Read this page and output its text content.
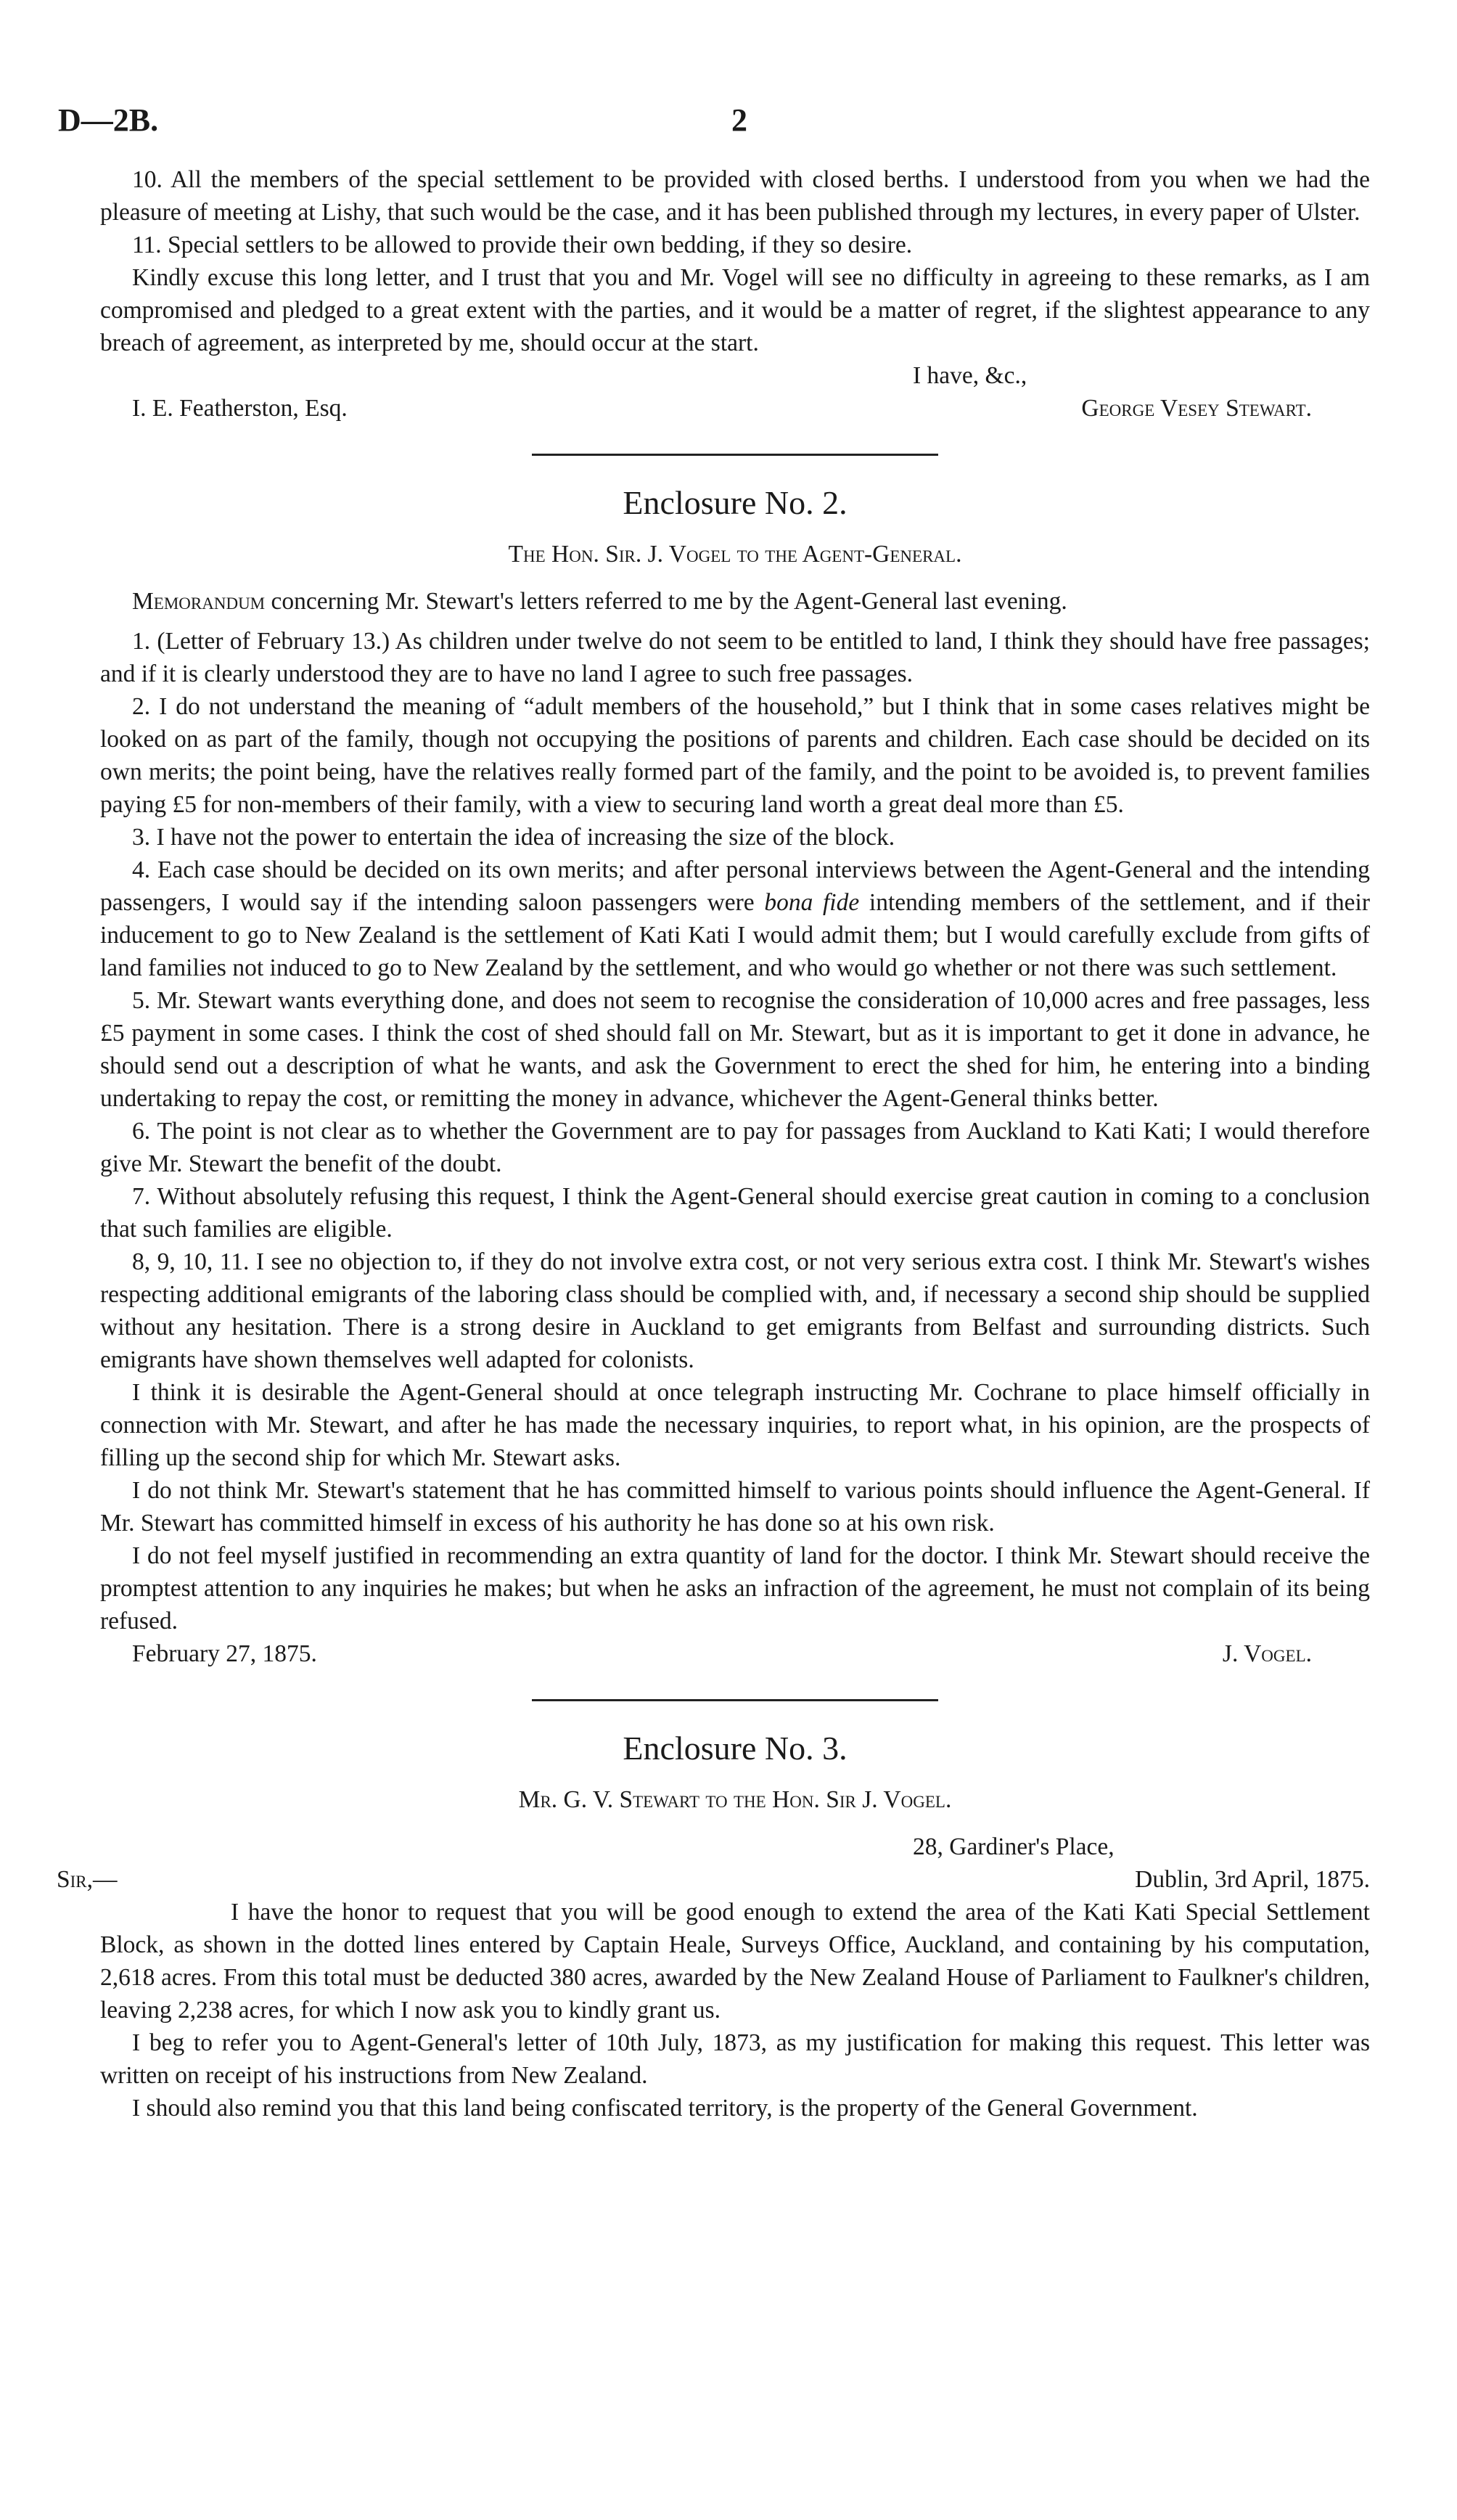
D—2B.	2

10. All the members of the special settlement to be provided with closed berths. I understood from you when we had the pleasure of meeting at Lishy, that such would be the case, and it has been published through my lectures, in every paper of Ulster.

11. Special settlers to be allowed to provide their own bedding, if they so desire.

Kindly excuse this long letter, and I trust that you and Mr. Vogel will see no difficulty in agreeing to these remarks, as I am compromised and pledged to a great extent with the parties, and it would be a matter of regret, if the slightest appearance to any breach of agreement, as interpreted by me, should occur at the start.

I have, &c.,
I. E. Featherston, Esq.	George Vesey Stewart.

Enclosure No. 2.

The Hon. Sir. J. Vogel to the Agent-General.

Memorandum concerning Mr. Stewart's letters referred to me by the Agent-General last evening.

1. (Letter of February 13.) As children under twelve do not seem to be entitled to land, I think they should have free passages; and if it is clearly understood they are to have no land I agree to such free passages.

2. I do not understand the meaning of “adult members of the household,” but I think that in some cases relatives might be looked on as part of the family, though not occupying the positions of parents and children. Each case should be decided on its own merits; the point being, have the relatives really formed part of the family, and the point to be avoided is, to prevent families paying £5 for non-members of their family, with a view to securing land worth a great deal more than £5.

3. I have not the power to entertain the idea of increasing the size of the block.

4. Each case should be decided on its own merits; and after personal interviews between the Agent-General and the intending passengers, I would say if the intending saloon passengers were bona fide intending members of the settlement, and if their inducement to go to New Zealand is the settlement of Kati Kati I would admit them; but I would carefully exclude from gifts of land families not induced to go to New Zealand by the settlement, and who would go whether or not there was such settlement.

5. Mr. Stewart wants everything done, and does not seem to recognise the consideration of 10,000 acres and free passages, less £5 payment in some cases. I think the cost of shed should fall on Mr. Stewart, but as it is important to get it done in advance, he should send out a description of what he wants, and ask the Government to erect the shed for him, he entering into a binding undertaking to repay the cost, or remitting the money in advance, whichever the Agent-General thinks better.

6. The point is not clear as to whether the Government are to pay for passages from Auckland to Kati Kati; I would therefore give Mr. Stewart the benefit of the doubt.

7. Without absolutely refusing this request, I think the Agent-General should exercise great caution in coming to a conclusion that such families are eligible.

8, 9, 10, 11. I see no objection to, if they do not involve extra cost, or not very serious extra cost. I think Mr. Stewart's wishes respecting additional emigrants of the laboring class should be complied with, and, if necessary a second ship should be supplied without any hesitation. There is a strong desire in Auckland to get emigrants from Belfast and surrounding districts. Such emigrants have shown themselves well adapted for colonists.

I think it is desirable the Agent-General should at once telegraph instructing Mr. Cochrane to place himself officially in connection with Mr. Stewart, and after he has made the necessary inquiries, to report what, in his opinion, are the prospects of filling up the second ship for which Mr. Stewart asks.

I do not think Mr. Stewart's statement that he has committed himself to various points should influence the Agent-General. If Mr. Stewart has committed himself in excess of his authority he has done so at his own risk.

I do not feel myself justified in recommending an extra quantity of land for the doctor. I think Mr. Stewart should receive the promptest attention to any inquiries he makes; but when he asks an infraction of the agreement, he must not complain of its being refused.

February 27, 1875.	J. Vogel.

Enclosure No. 3.

Mr. G. V. Stewart to the Hon. Sir J. Vogel.

28, Gardiner's Place,
Sir,—	Dublin, 3rd April, 1875.

I have the honor to request that you will be good enough to extend the area of the Kati Kati Special Settlement Block, as shown in the dotted lines entered by Captain Heale, Surveys Office, Auckland, and containing by his computation, 2,618 acres. From this total must be deducted 380 acres, awarded by the New Zealand House of Parliament to Faulkner's children, leaving 2,238 acres, for which I now ask you to kindly grant us.

I beg to refer you to Agent-General's letter of 10th July, 1873, as my justification for making this request. This letter was written on receipt of his instructions from New Zealand.

I should also remind you that this land being confiscated territory, is the property of the General Government.
